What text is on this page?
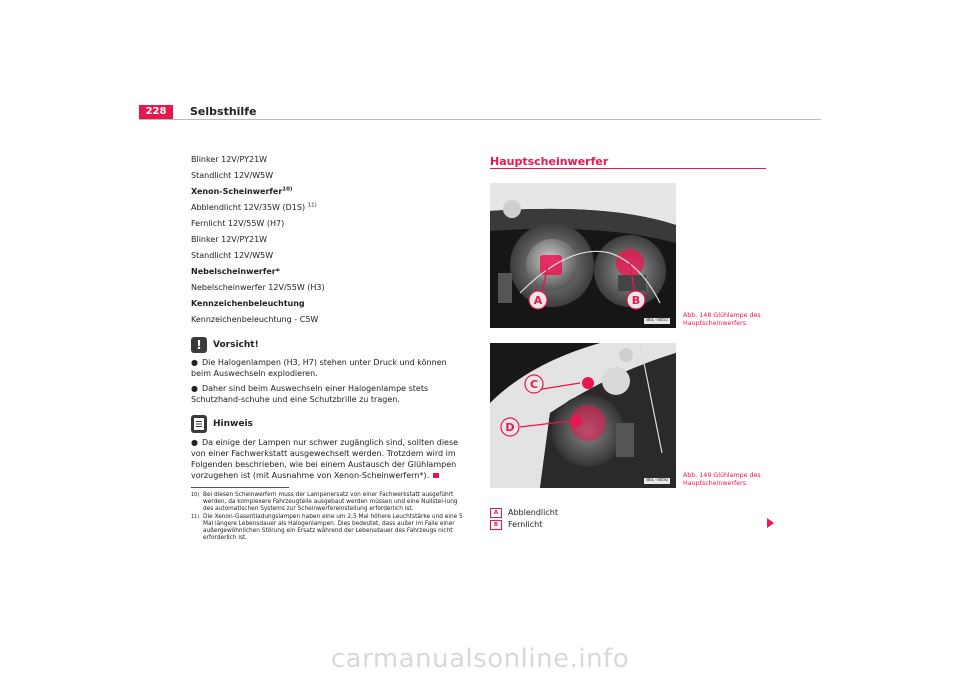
228	Selbsthilfe
Blinker 12V/PY21W
Standlicht 12V/W5W
Xenon-Scheinwerfer$^{10)}$
Abblendlicht 12V/35W (D1S) $^{11)}$
Fernlicht 12V/55W (H7)
Blinker 12V/PY21W
Standlicht 12V/W5W
Nebelscheinwerfer*
Nebelscheinwerfer 12V/55W (H3)
Kennzeichenbeleuchtung
Kennzeichenbeleuchtung - C5W
!	Vorsicht!
● Die Halogenlampen (H3, H7) stehen unter Druck und können beim Auswechseln explodieren.
● Daher sind beim Auswechseln einer Halogenlampe stets Schutzhand-schuhe und eine Schutzbrille zu tragen.
Hinweis
● Da einige der Lampen nur schwer zugänglich sind, sollten diese von einer Fachwerkstatt ausgewechselt werden. Trotzdem wird im Folgenden beschrieben, wie bei einem Austausch der Glühlampen vorzugehen ist (mit Ausnahme von Xenon-Scheinwerfern*).
10) Bei diesen Scheinwerfern muss der Lampenersatz von einer Fachwerkstatt ausgeführt werden, da komplexere Fahrzeugteile ausgebaut werden müssen und eine Nullstel-lung des automatischen Systems zur Scheinwerfereinstellung erforderlich ist.
11) Die Xenon-Gasentladungslampen haben eine um 2,5 Mal höhere Leuchtstärke und eine 5 Mal längere Lebensdauer als Halogenlampen. Dies bedeutet, dass außer im Falle einer außergewöhnlichen Störung ein Ersatz während der Lebensdauer des Fahrzeugs nicht erforderlich ist.
Hauptscheinwerfer
A	B
B6L-0055
Abb. 148 Glühlampe des
Hauptscheinwerfers
C
D
B6L-0056
Abb. 149 Glühlampe des
Hauptscheinwerfers
A	Abblendlicht
B	Fernlicht
carmanualsonline.info
